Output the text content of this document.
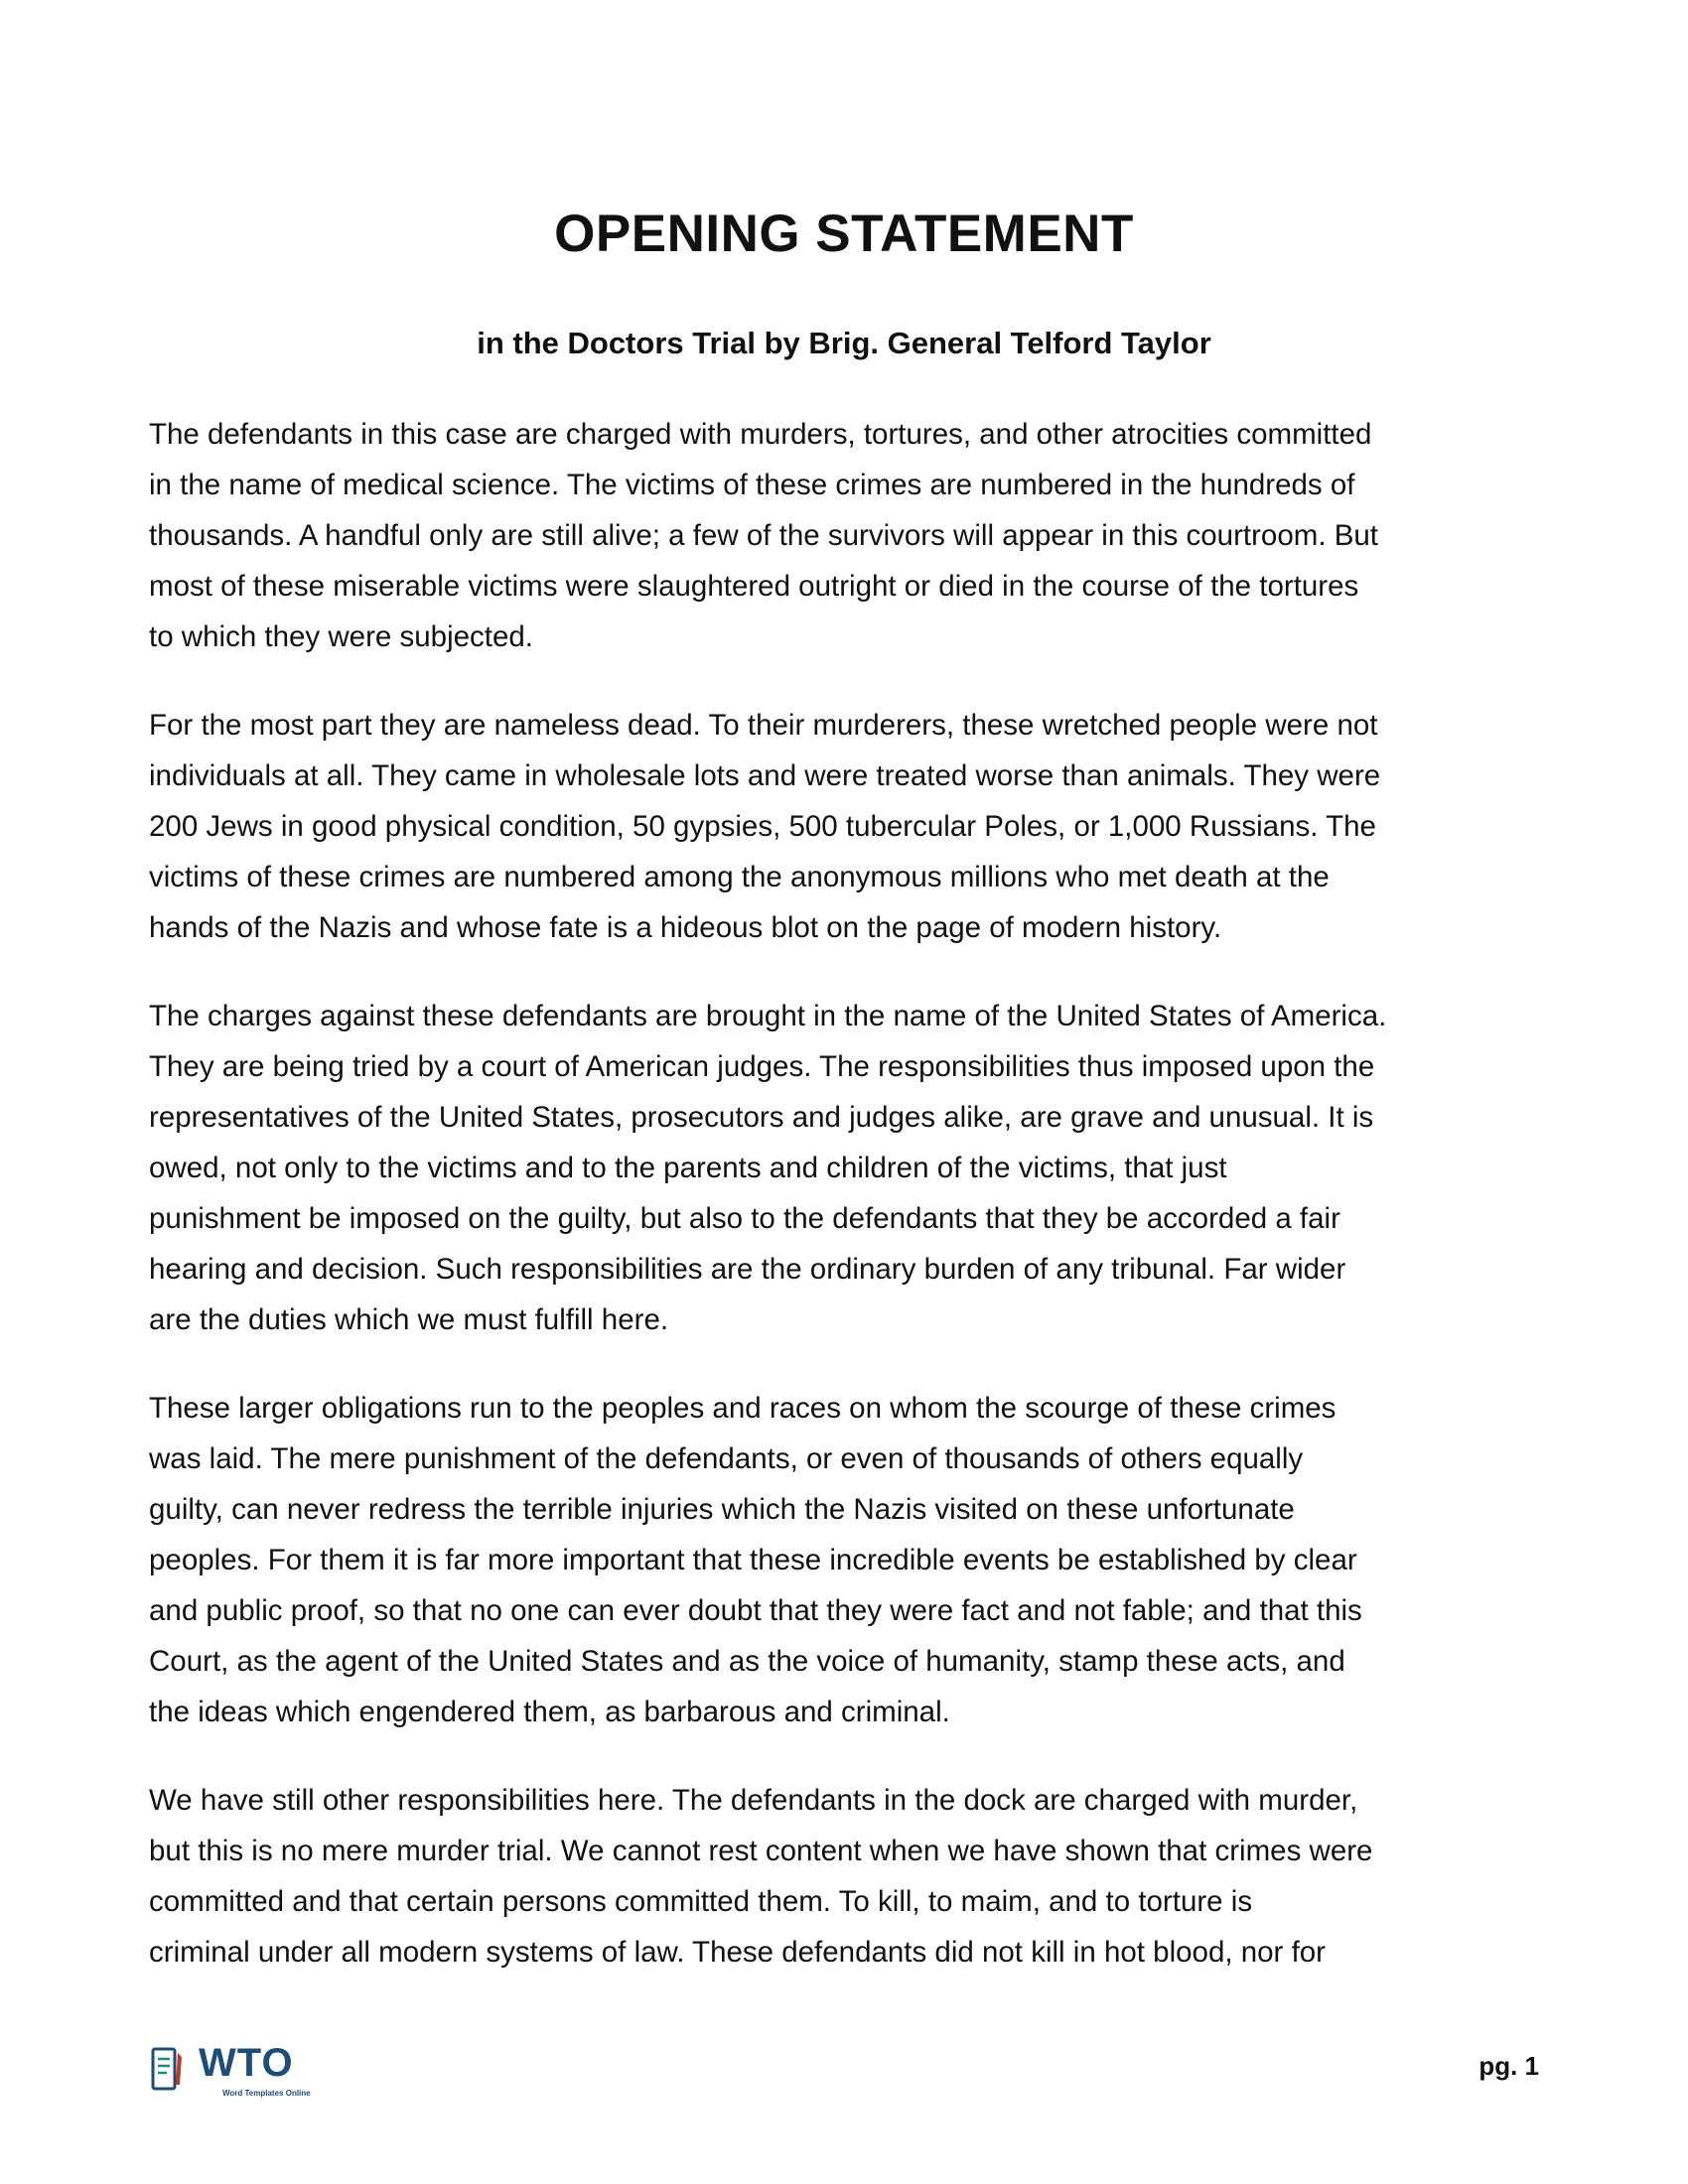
OPENING STATEMENT
in the Doctors Trial by Brig. General Telford Taylor

The defendants in this case are charged with murders, tortures, and other atrocities committed
in the name of medical science. The victims of these crimes are numbered in the hundreds of
thousands. A handful only are still alive; a few of the survivors will appear in this courtroom. But
most of these miserable victims were slaughtered outright or died in the course of the tortures
to which they were subjected.

For the most part they are nameless dead. To their murderers, these wretched people were not
individuals at all. They came in wholesale lots and were treated worse than animals. They were
200 Jews in good physical condition, 50 gypsies, 500 tubercular Poles, or 1,000 Russians. The
victims of these crimes are numbered among the anonymous millions who met death at the
hands of the Nazis and whose fate is a hideous blot on the page of modern history.

The charges against these defendants are brought in the name of the United States of America.
They are being tried by a court of American judges. The responsibilities thus imposed upon the
representatives of the United States, prosecutors and judges alike, are grave and unusual. It is
owed, not only to the victims and to the parents and children of the victims, that just
punishment be imposed on the guilty, but also to the defendants that they be accorded a fair
hearing and decision. Such responsibilities are the ordinary burden of any tribunal. Far wider
are the duties which we must fulfill here.

These larger obligations run to the peoples and races on whom the scourge of these crimes
was laid. The mere punishment of the defendants, or even of thousands of others equally
guilty, can never redress the terrible injuries which the Nazis visited on these unfortunate
peoples. For them it is far more important that these incredible events be established by clear
and public proof, so that no one can ever doubt that they were fact and not fable; and that this
Court, as the agent of the United States and as the voice of humanity, stamp these acts, and
the ideas which engendered them, as barbarous and criminal.

We have still other responsibilities here. The defendants in the dock are charged with murder,
but this is no mere murder trial. We cannot rest content when we have shown that crimes were
committed and that certain persons committed them. To kill, to maim, and to torture is
criminal under all modern systems of law. These defendants did not kill in hot blood, nor for

WTO
Word Templates Online
pg. 1
